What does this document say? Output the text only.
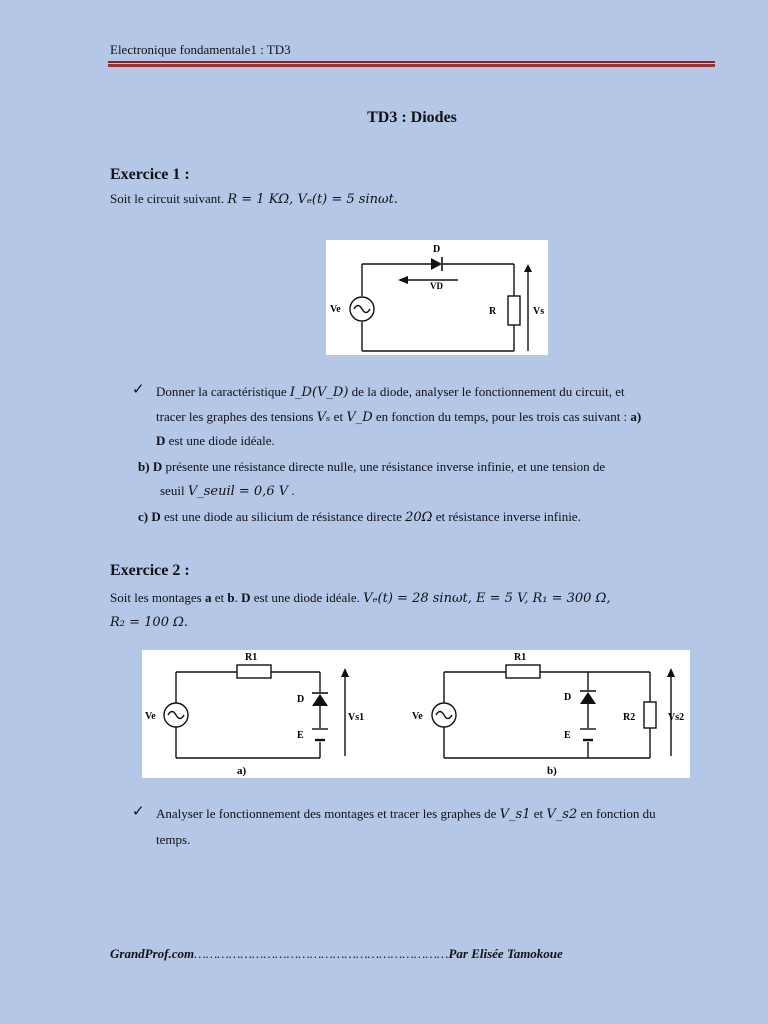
Electronique fondamentale1 : TD3
TD3 : Diodes
Exercice 1 :
Soit le circuit suivant. R = 1 KΩ, Vₑ(t) = 5 sinωt.
D
VD
Ve	R	Vs
✓ Donner la caractéristique I_D(V_D) de la diode, analyser le fonctionnement du circuit, et
tracer les graphes des tensions Vₛ et V_D en fonction du temps, pour les trois cas suivant : a)
D est une diode idéale.
b) D présente une résistance directe nulle, une résistance inverse infinie, et une tension de
seuil V_seuil = 0,6 V .
c) D est une diode au silicium de résistance directe 20Ω et résistance inverse infinie.
Exercice 2 :
Soit les montages a et b. D est une diode idéale. Vₑ(t) = 28 sinωt, E = 5 V, R₁ = 300 Ω,
R₂ = 100 Ω.
R1
D
Ve
E
Vs1
a)
R1
D
Ve
E
R2	Vs2
b)
✓ Analyser le fonctionnement des montages et tracer les graphes de V_s1 et V_s2 en fonction du
temps.
GrandProf.com…………………………………………………………Par Elisée Tamokoue
